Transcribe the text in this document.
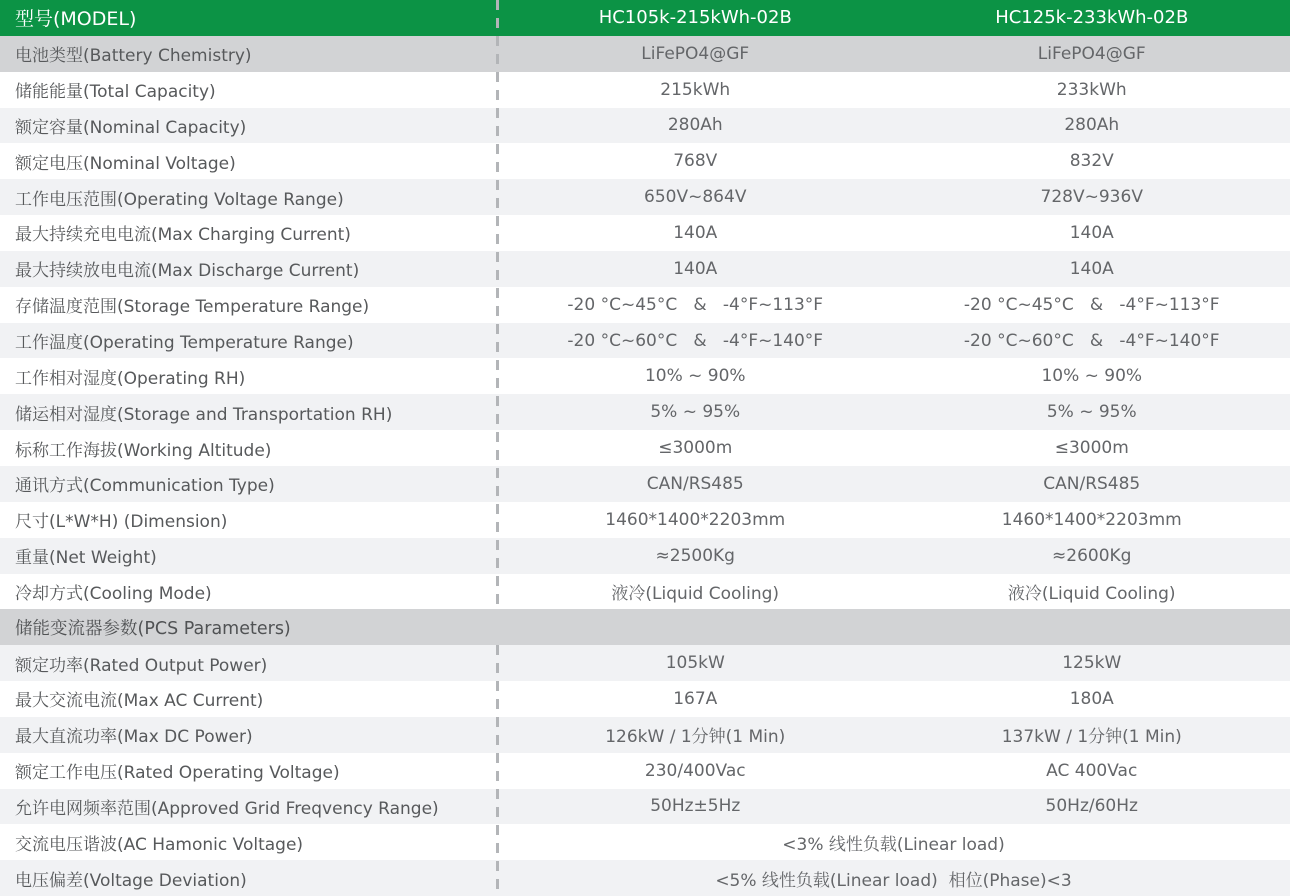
型号(MODEL)	HC105k-215kWh-02B	HC125k-233kWh-02B
电池类型(Battery Chemistry)	LiFePO4@GF	LiFePO4@GF
储能能量(Total Capacity)	215kWh	233kWh
额定容量(Nominal Capacity)	280Ah	280Ah
额定电压(Nominal Voltage)	768V	832V
工作电压范围(Operating Voltage Range)	650V~864V	728V~936V
最大持续充电电流(Max Charging Current)	140A	140A
最大持续放电电流(Max Discharge Current)	140A	140A
存储温度范围(Storage Temperature Range)	-20 °C~45°C   &   -4°F~113°F	-20 °C~45°C   &   -4°F~113°F
工作温度(Operating Temperature Range)	-20 °C~60°C   &   -4°F~140°F	-20 °C~60°C   &   -4°F~140°F
工作相对湿度(Operating RH)	10% ~ 90%	10% ~ 90%
储运相对湿度(Storage and Transportation RH)	5% ~ 95%	5% ~ 95%
标称工作海拔(Working Altitude)	≤3000m	≤3000m
通讯方式(Communication Type)	CAN/RS485	CAN/RS485
尺寸(L*W*H) (Dimension)	1460*1400*2203mm	1460*1400*2203mm
重量(Net Weight)	≈2500Kg	≈2600Kg
冷却方式(Cooling Mode)	液冷(Liquid Cooling)	液冷(Liquid Cooling)
储能变流器参数(PCS Parameters)
额定功率(Rated Output Power)	105kW	125kW
最大交流电流(Max AC Current)	167A	180A
最大直流功率(Max DC Power)	126kW / 1分钟(1 Min)	137kW / 1分钟(1 Min)
额定工作电压(Rated Operating Voltage)	230/400Vac	AC 400Vac
允许电网频率范围(Approved Grid Freqvency Range)	50Hz±5Hz	50Hz/60Hz
交流电压谐波(AC Hamonic Voltage)	<3% 线性负载(Linear load)
电压偏差(Voltage Deviation)	<5% 线性负载(Linear load)  相位(Phase)<3
